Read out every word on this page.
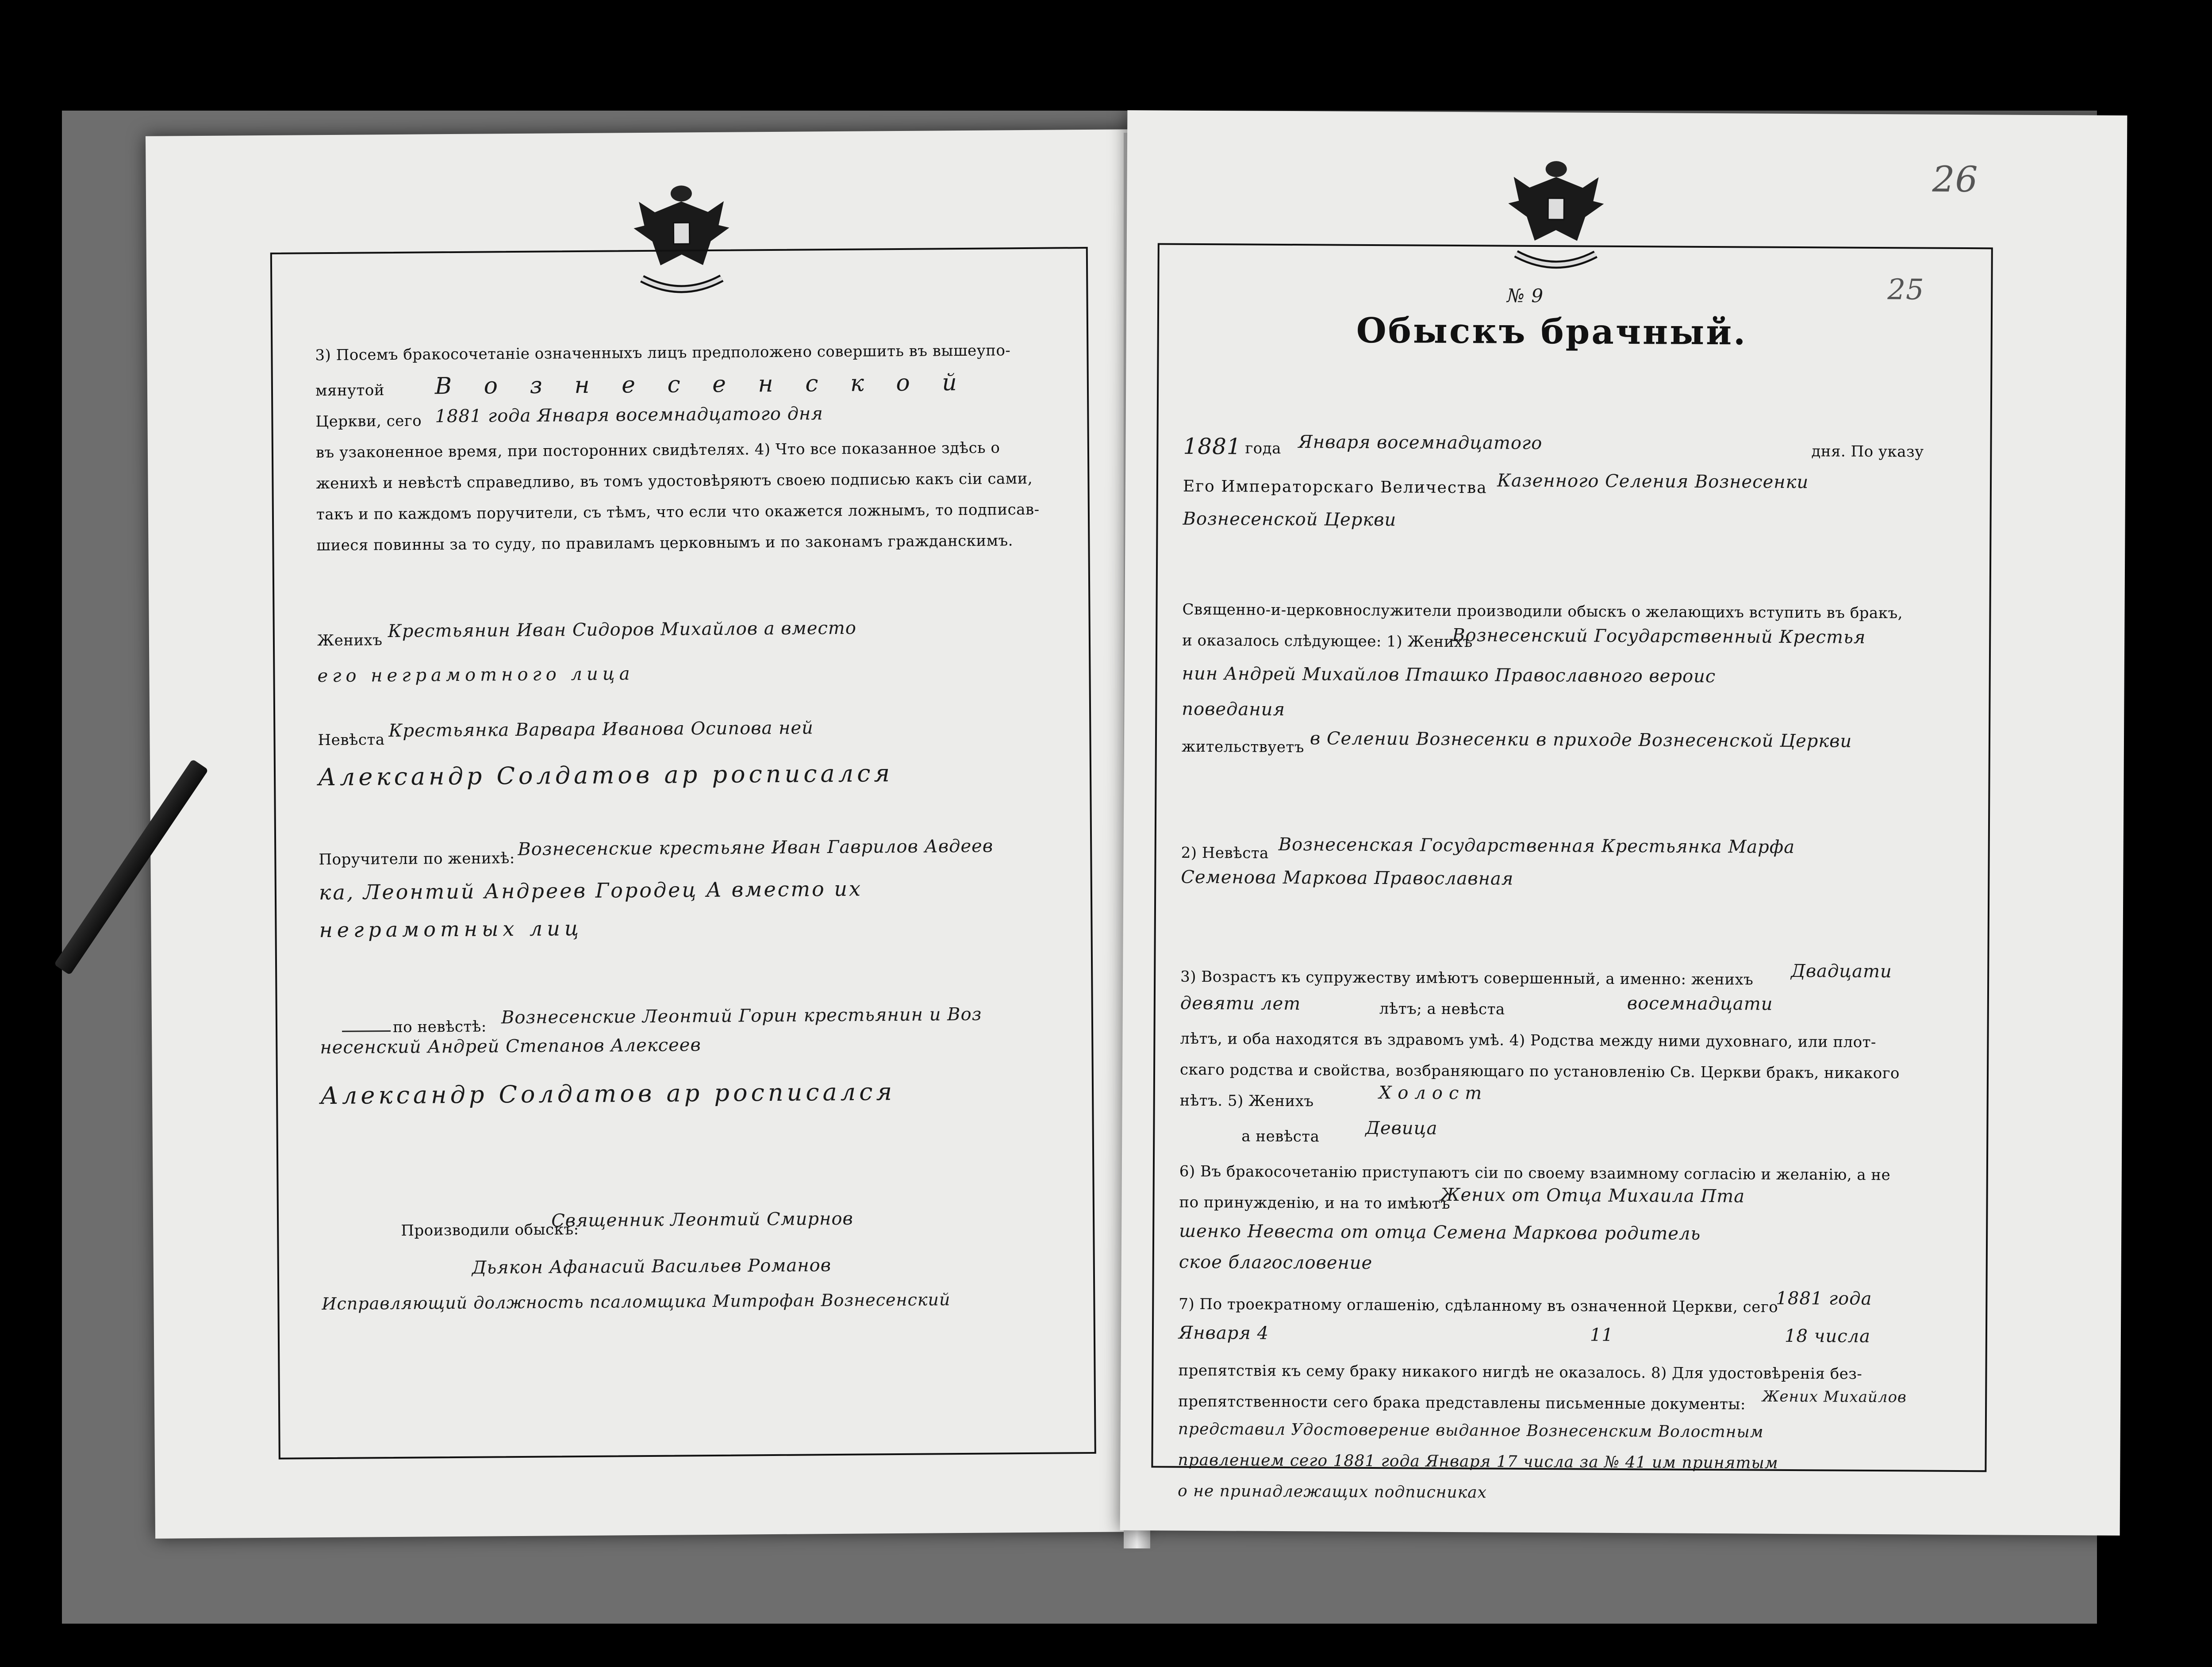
3) Посемъ бракосочетаніе означенныхъ лицъ предположено совершить въ вышеупо-
мянутой В о з н е с е н с к о й
Церкви, сего 1881 года Января восемнадцатого дня
въ узаконенное время, при посторонних свидѣтелях. 4) Что все показанное здѣсь о
женихѣ и невѣстѣ справедливо, въ томъ удостовѣряютъ своею подписью какъ сіи сами,
такъ и по каждомъ поручители, съ тѣмъ, что если что окажется ложнымъ, то подписав-
шиеся повинны за то суду, по правиламъ церковнымъ и по законамъ гражданскимъ.
Женихъ Крестьянин Иван Сидоров Михайлов а вместо
его неграмотного лица
Невѣста Крестьянка Варвара Иванова Осипова ней
Александр Солдатов ар росписался
Поручители по женихѣ: Вознесенские крестьяне Иван Гаврилов Авдеев
ка, Леонтий Андреев Городец А вместо их
неграмотных лиц
по невѣстѣ: Вознесенские Леонтий Горин крестьянин и Воз
несенский Андрей Степанов Алексеев
Александр Солдатов ар росписался
Производили обыскъ:
Священник Леонтий Смирнов
Дьякон Афанасий Васильев Романов
Исправляющий должность псаломщика Митрофан Вознесенский
26
25
№ 9
Обыскъ брачный.
1881 года Января восемнадцатого	дня. По указу
Его Императорскаго Величества Казенного Селения Вознесенки
Вознесенской Церкви
Священно-и-церковнослужители производили обыскъ о желающихъ вступить въ бракъ,
и оказалось слѣдующее: 1) Женихъ
Вознесенский Государственный Крестья
нин Андрей Михайлов Пташко Православного вероис
поведания
жительствуетъ в Селении Вознесенки в приходе Вознесенской Церкви
2) Невѣста Вознесенская Государственная Крестьянка Марфа
Семенова Маркова Православная
3) Возрастъ къ супружеству имѣютъ совершенный, а именно: женихъ Двадцати
девяти лет	лѣтъ; а невѣста	восемнадцати
лѣтъ, и оба находятся въ здравомъ умѣ. 4) Родства между ними духовнаго, или плот-
скаго родства и свойства, возбраняющаго по установленію Св. Церкви бракъ, никакого
нѣтъ. 5) Женихъ	Холост
а невѣста	Девица
6) Въ бракосочетанію приступаютъ сіи по своему взаимному согласію и желанію, а не
по принужденію, и на то имѣютъ
Жених от Отца Михаила Пта
шенко Невеста от отца Семена Маркова родитель
ское благословение
7) По троекратному оглашенію, сдѣланному въ означенной Церкви, сего
1881 года
Января 4	11	18 числа
препятствія къ сему браку никакого нигдѣ не оказалось. 8) Для удостовѣренія без-
препятственности сего брака представлены письменные документы: Жених Михайлов
представил Удостоверение выданное Вознесенским Волостным
правлением сего 1881 года Января 17 числа за № 41 им принятым
о не принадлежащих подписниках
